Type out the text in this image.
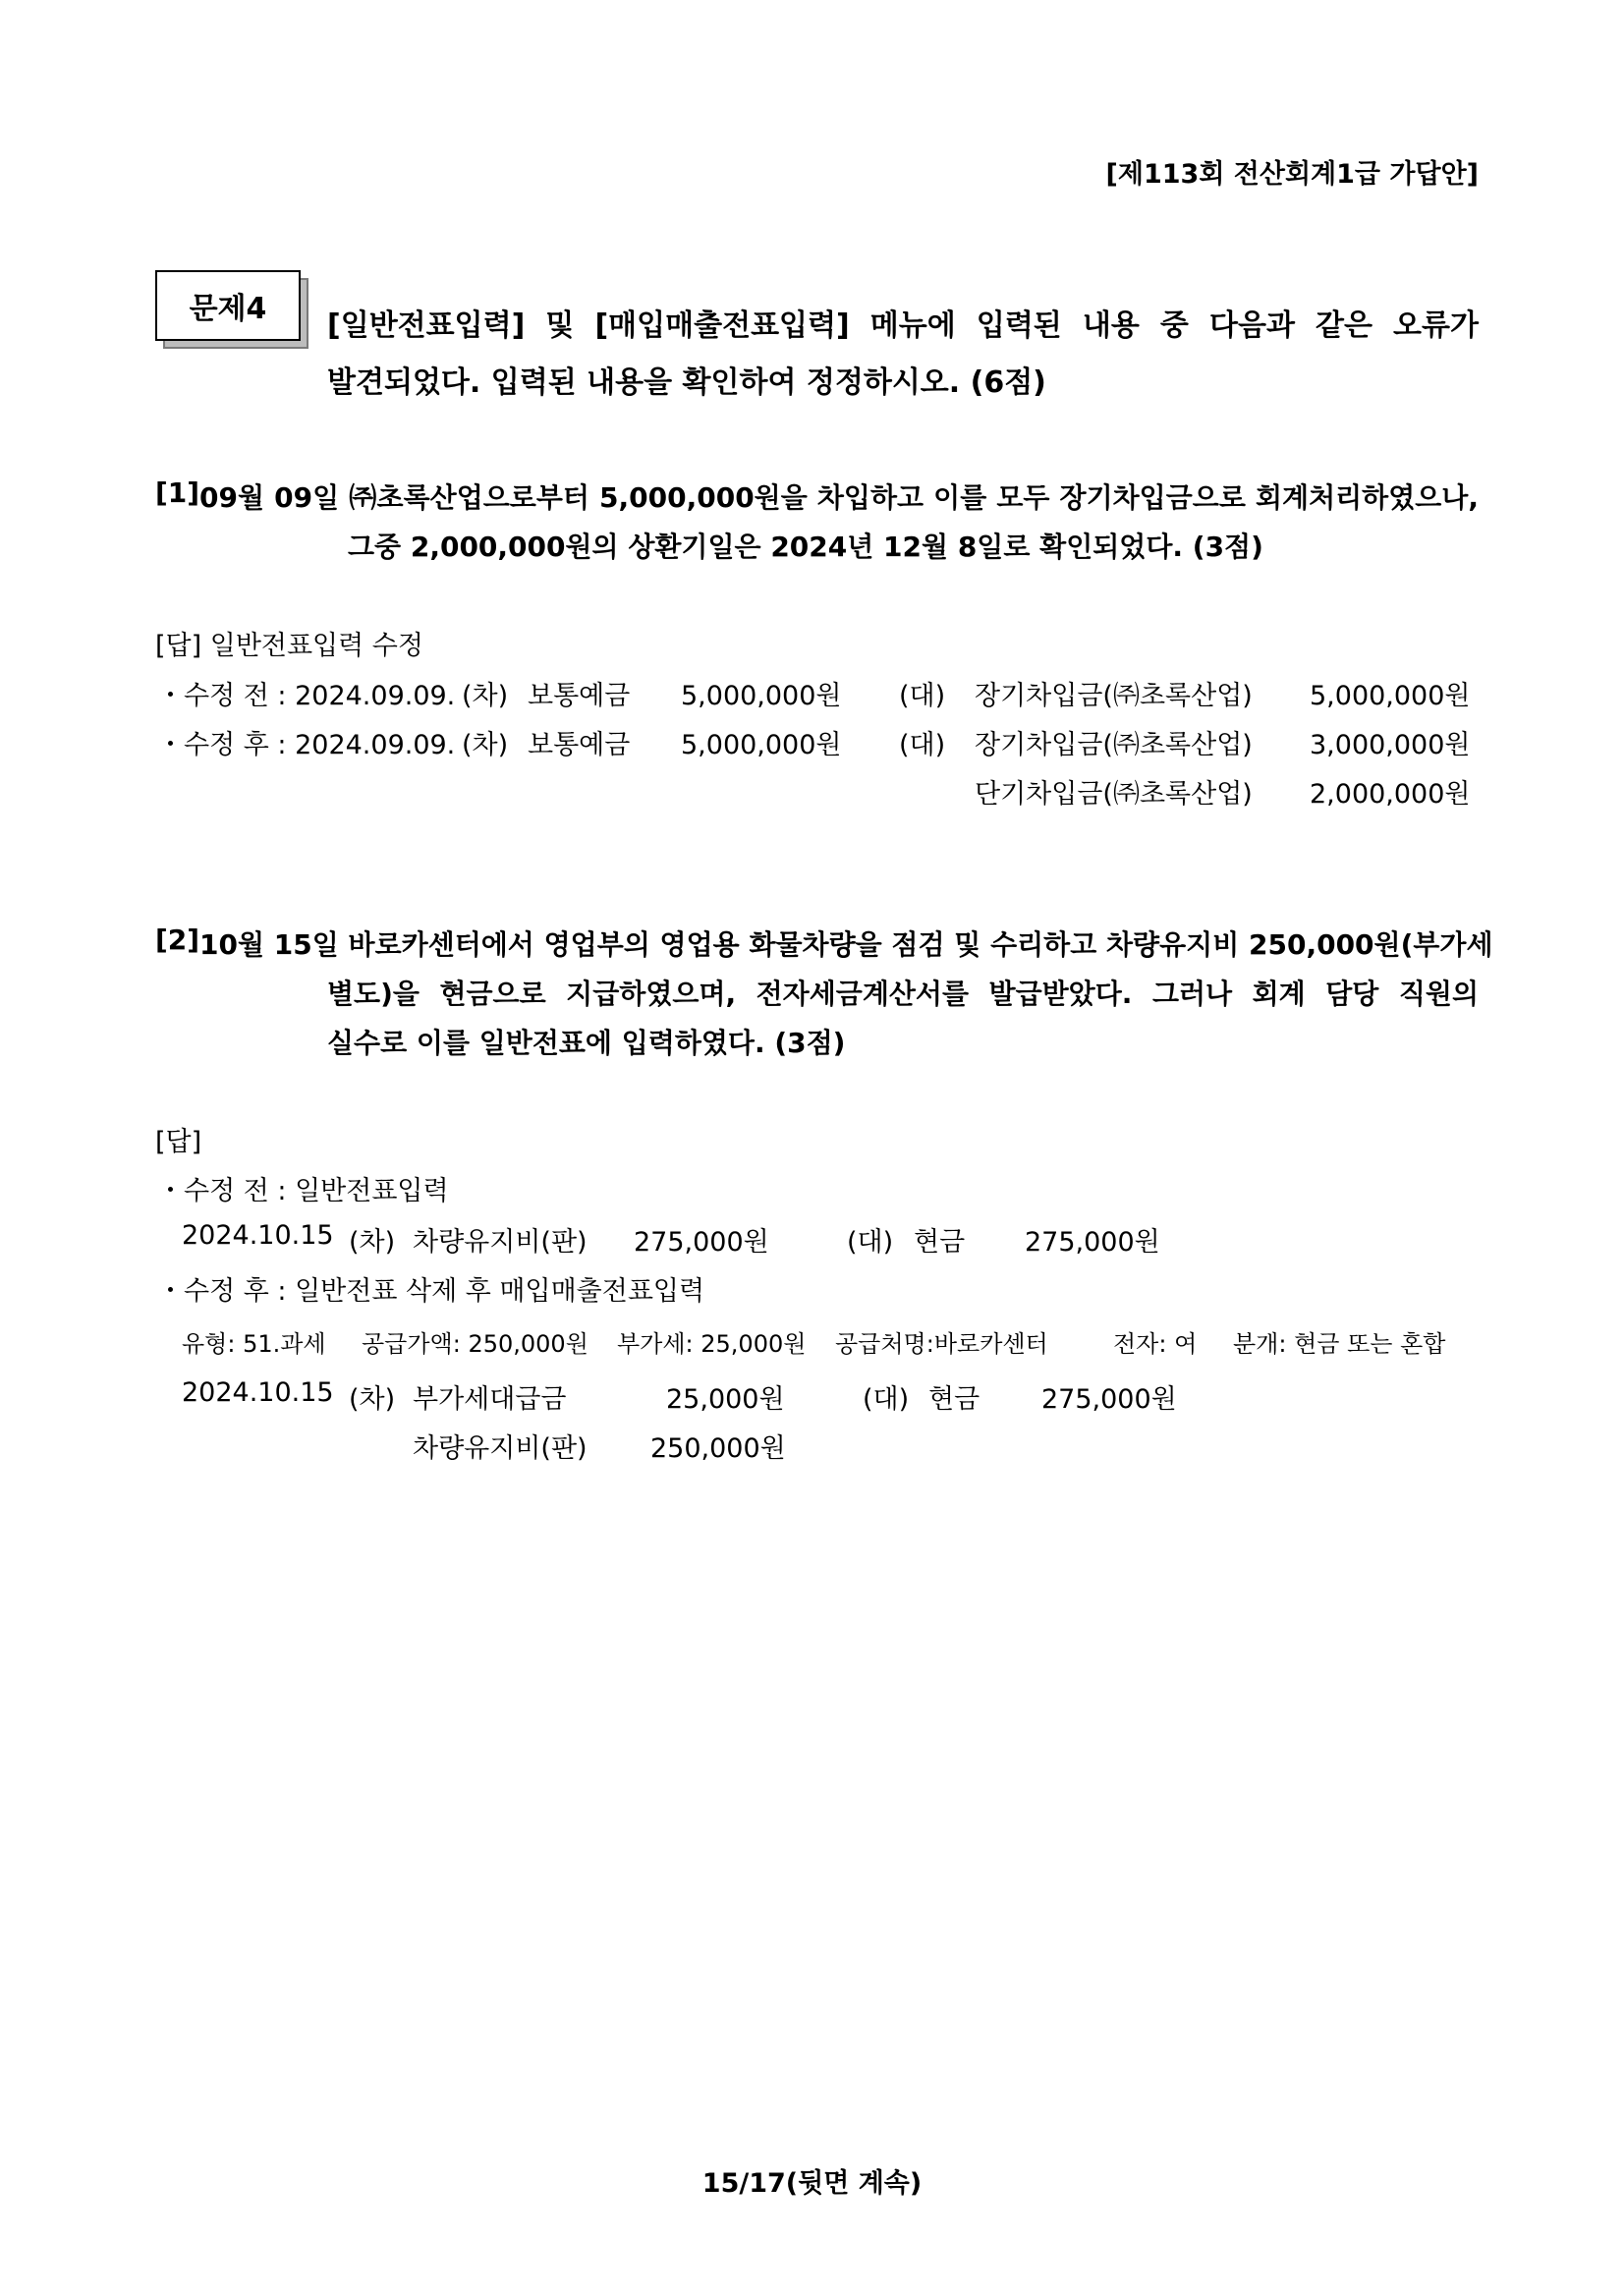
[제113회 전산회계1급 가답안]
문제4	[일반전표입력] 및 [매입매출전표입력] 메뉴에 입력된 내용 중 다음과 같은 오류가
발견되었다. 입력된 내용을 확인하여 정정하시오. (6점)
[1] 09월 09일 ㈜초록산업으로부터 5,000,000원을 차입하고 이를 모두 장기차입금으로 회계처리하였으나,
그중 2,000,000원의 상환기일은 2024년 12월 8일로 확인되었다. (3점)
[답] 일반전표입력 수정
・수정 전 : 2024.09.09. (차) 보통예금 5,000,000원 (대) 장기차입금(㈜초록산업) 5,000,000원
・수정 후 : 2024.09.09. (차) 보통예금 5,000,000원 (대) 장기차입금(㈜초록산업) 3,000,000원
단기차입금(㈜초록산업) 2,000,000원
[2] 10월 15일 바로카센터에서 영업부의 영업용 화물차량을 점검 및 수리하고 차량유지비 250,000원(부가세
별도)을 현금으로 지급하였으며, 전자세금계산서를 발급받았다. 그러나 회계 담당 직원의
실수로 이를 일반전표에 입력하였다. (3점)
[답]
・수정 전 : 일반전표입력
2024.10.15 (차) 차량유지비(판) 275,000원	(대) 현금 275,000원
・수정 후 : 일반전표 삭제 후 매입매출전표입력
유형: 51.과세 공급가액: 250,000원 부가세: 25,000원 공급처명:바로카센터	전자: 여 분개: 현금 또는 혼합
2024.10.15 (차) 부가세대급금	25,000원	(대) 현금 275,000원
차량유지비(판) 250,000원
15/17(뒷면 계속)
